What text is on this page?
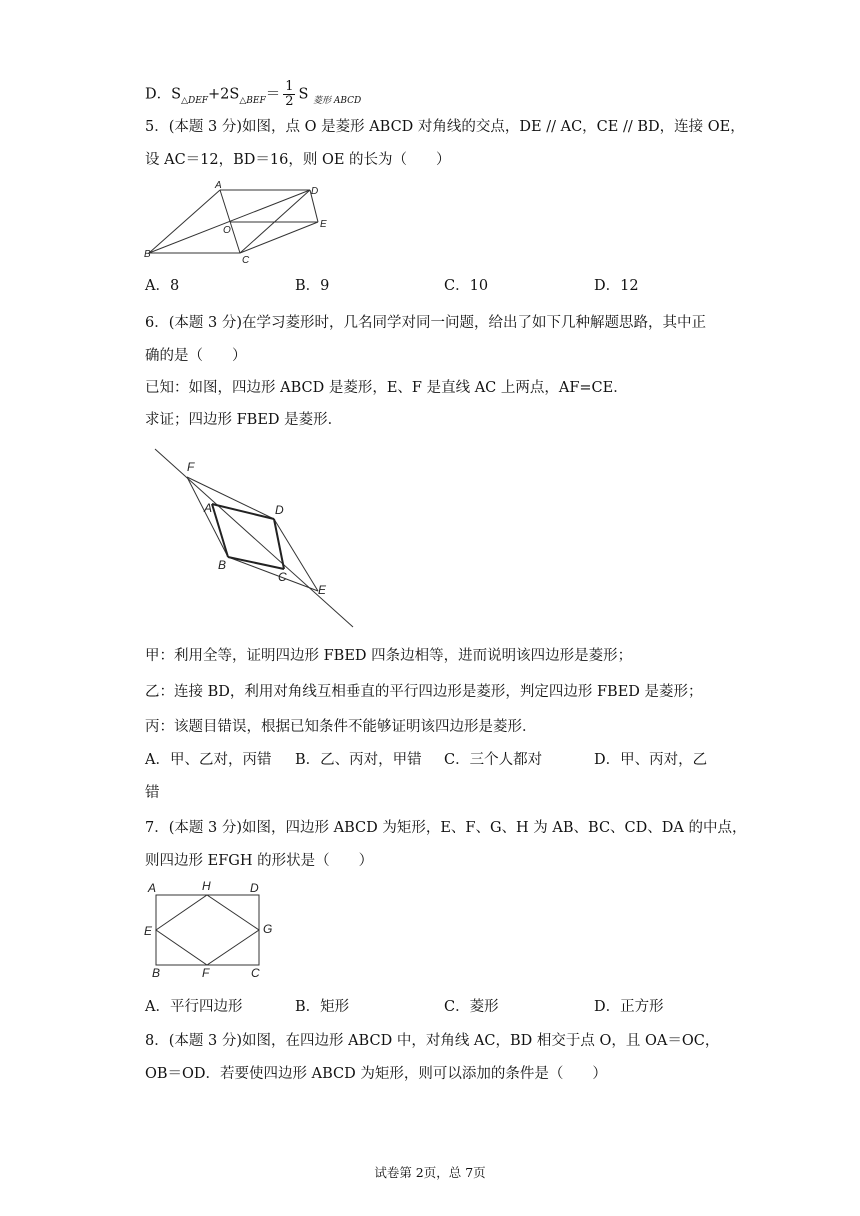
D．$S_{\triangle DEF}+2S_{\triangle BEF}= \frac{1}{2}$ S $_{菱形 ABCD}$
5．(本题 3 分)如图，点 O 是菱形 ABCD 对角线的交点，DE // AC，CE // BD，连接 OE，
设 AC＝12，BD＝16，则 OE 的长为（　　）
A
D
O
E
B
C
A．8	B．9	C．10	D．12
6．(本题 3 分)在学习菱形时，几名同学对同一问题，给出了如下几种解题思路，其中正
确的是（　　）
已知：如图，四边形 ABCD 是菱形，E、F 是直线 AC 上两点，AF=CE．
求证；四边形 FBED 是菱形．
F
A	D
B
C
E
甲：利用全等，证明四边形 FBED 四条边相等，进而说明该四边形是菱形；
乙：连接 BD，利用对角线互相垂直的平行四边形是菱形，判定四边形 FBED 是菱形；
丙：该题目错误，根据已知条件不能够证明该四边形是菱形．
A．甲、乙对，丙错 B．乙、丙对，甲错 C．三个人都对	D．甲、丙对，乙
错
7．(本题 3 分)如图，四边形 ABCD 为矩形，E、F、G、H 为 AB、BC、CD、DA 的中点，
则四边形 EFGH 的形状是（　　）
A	H	D
E	G
B	F	C
A．平行四边形	B．矩形	C．菱形	D．正方形
8．(本题 3 分)如图，在四边形 ABCD 中，对角线 AC，BD 相交于点 O，且 OA＝OC，
OB＝OD．若要使四边形 ABCD 为矩形，则可以添加的条件是（　　）
试卷第 2页，总 7页
